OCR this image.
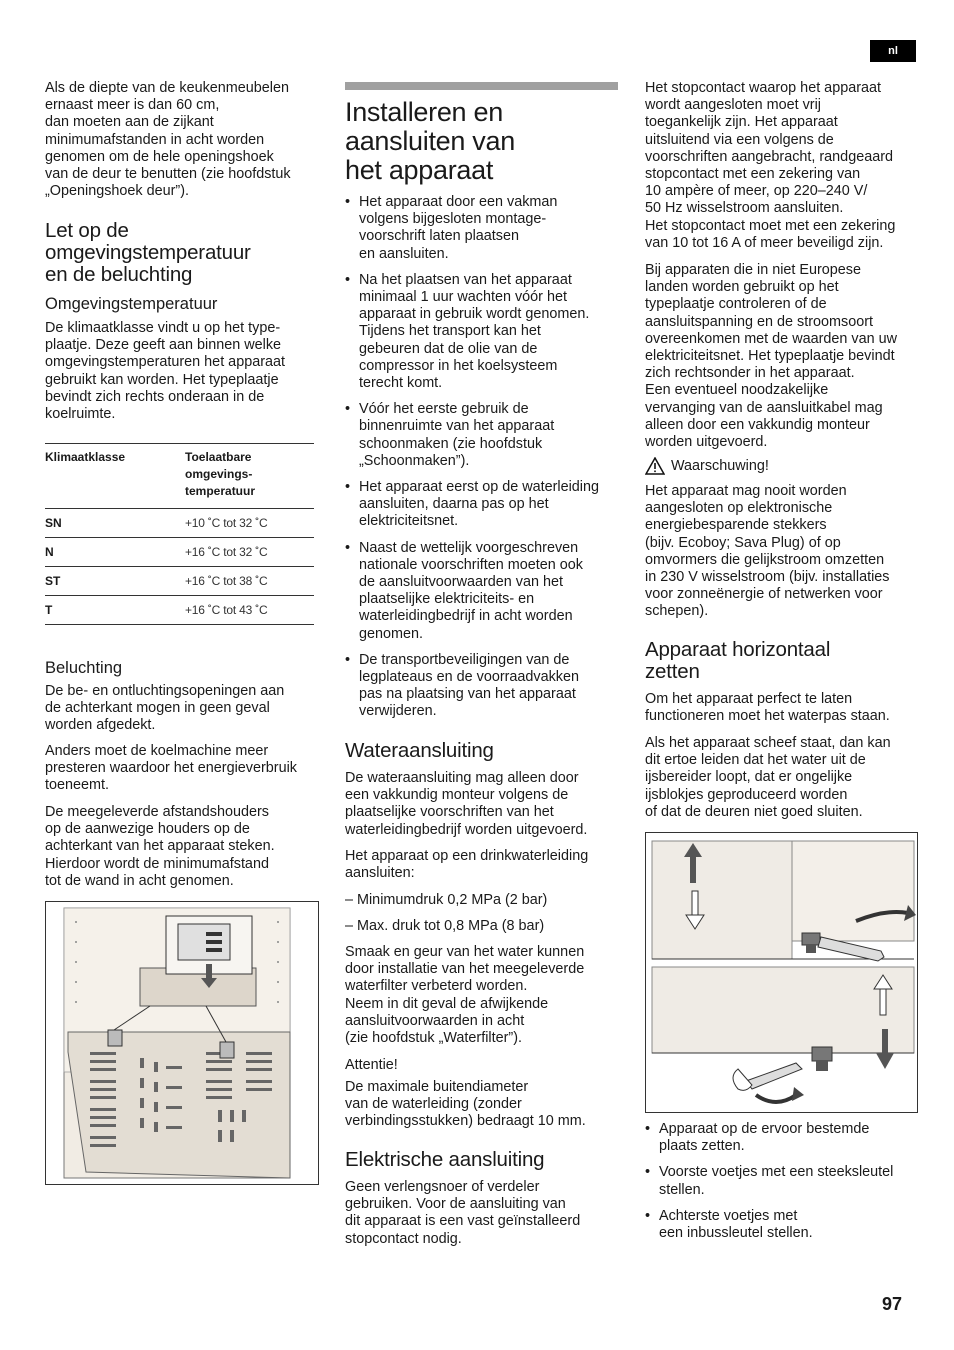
nl
97

Als de diepte van de keukenmeubelen
ernaast meer is dan 60 cm,
dan moeten aan de zijkant
minimumafstanden in acht worden
genomen om de hele openingshoek
van de deur te benutten (zie hoofdstuk
„Openingshoek deur”).

Let op de
omgevingstemperatuur
en de beluchting
Omgevingstemperatuur

De klimaatklasse vindt u op het type-
plaatje. Deze geeft aan binnen welke
omgevingstemperaturen het apparaat
gebruikt kan worden. Het typeplaatje
bevindt zich rechts onderaan in de
koelruimte.

Klimaatklasse	Toelaatbare
omgevings-
temperatuur
SN	+10 ˚C tot 32 ˚C
N	+16 ˚C tot 32 ˚C
ST	+16 ˚C tot 38 ˚C
T	+16 ˚C tot 43 ˚C
Beluchting

De be- en ontluchtingsopeningen aan
de achterkant mogen in geen geval
worden afgedekt.

Anders moet de koelmachine meer
presteren waardoor het energieverbruik
toeneemt.

De meegeleverde afstandshouders
op de aanwezige houders op de
achterkant van het apparaat steken.
Hierdoor wordt de minimumafstand
tot de wand in acht genomen.

Installeren en
aansluiten van
het apparaat
• Het apparaat door een vakman
volgens bijgesloten montage-
voorschrift laten plaatsen
en aansluiten.
• Na het plaatsen van het apparaat
minimaal 1 uur wachten vóór het
apparaat in gebruik wordt genomen.
Tijdens het transport kan het
gebeuren dat de olie van de
compressor in het koelsysteem
terecht komt.
• Vóór het eerste gebruik de
binnenruimte van het apparaat
schoonmaken (zie hoofdstuk
„Schoonmaken”).
• Het apparaat eerst op de waterleiding
aansluiten, daarna pas op het
elektriciteitsnet.
• Naast de wettelijk voorgeschreven
nationale voorschriften moeten ook
de aansluitvoorwaarden van het
plaatselijke elektriciteits- en
waterleidingbedrijf in acht worden
genomen.
• De transportbeveiligingen van de
legplateaus en de voorraadvakken
pas na plaatsing van het apparaat
verwijderen.
Wateraansluiting

De wateraansluiting mag alleen door
een vakkundig monteur volgens de
plaatselijke voorschriften van het
waterleidingbedrijf worden uitgevoerd.

Het apparaat op een drinkwaterleiding
aansluiten:

– Minimumdruk 0,2 MPa (2 bar)

– Max. druk tot 0,8 MPa (8 bar)

Smaak en geur van het water kunnen
door installatie van het meegeleverde
waterfilter verbeterd worden.
Neem in dit geval de afwijkende
aansluitvoorwaarden in acht
(zie hoofdstuk „Waterfilter”).

Attentie!

De maximale buitendiameter
van de waterleiding (zonder
verbindingsstukken) bedraagt 10 mm.

Elektrische aansluiting

Geen verlengsnoer of verdeler
gebruiken. Voor de aansluiting van
dit apparaat is een vast geïnstalleerd
stopcontact nodig.

Het stopcontact waarop het apparaat
wordt aangesloten moet vrij
toegankelijk zijn. Het apparaat
uitsluitend via een volgens de
voorschriften aangebracht, randgeaard
stopcontact met een zekering van
10 ampère of meer, op 220–240 V/
50 Hz wisselstroom aansluiten.
Het stopcontact moet met een zekering
van 10 tot 16 A of meer beveiligd zijn.

Bij apparaten die in niet Europese
landen worden gebruikt op het
typeplaatje controleren of de
aansluitspanning en de stroomsoort
overeenkomen met de waarden van uw
elektriciteitsnet. Het typeplaatje bevindt
zich rechtsonder in het apparaat.
Een eventueel noodzakelijke
vervanging van de aansluitkabel mag
alleen door een vakkundig monteur
worden uitgevoerd.

Waarschuwing!

Het apparaat mag nooit worden
aangesloten op elektronische
energiebesparende stekkers
(bijv. Ecoboy; Sava Plug) of op
omvormers die gelijkstroom omzetten
in 230 V wisselstroom (bijv. installaties
voor zonneënergie of netwerken voor
schepen).

Apparaat horizontaal
zetten

Om het apparaat perfect te laten
functioneren moet het waterpas staan.

Als het apparaat scheef staat, dan kan
dit ertoe leiden dat het water uit de
ijsbereider loopt, dat er ongelijke
ijsblokjes geproduceerd worden
of dat de deuren niet goed sluiten.

• Apparaat op de ervoor bestemde
plaats zetten.
• Voorste voetjes met een steeksleutel
stellen.
• Achterste voetjes met
een inbussleutel stellen.
